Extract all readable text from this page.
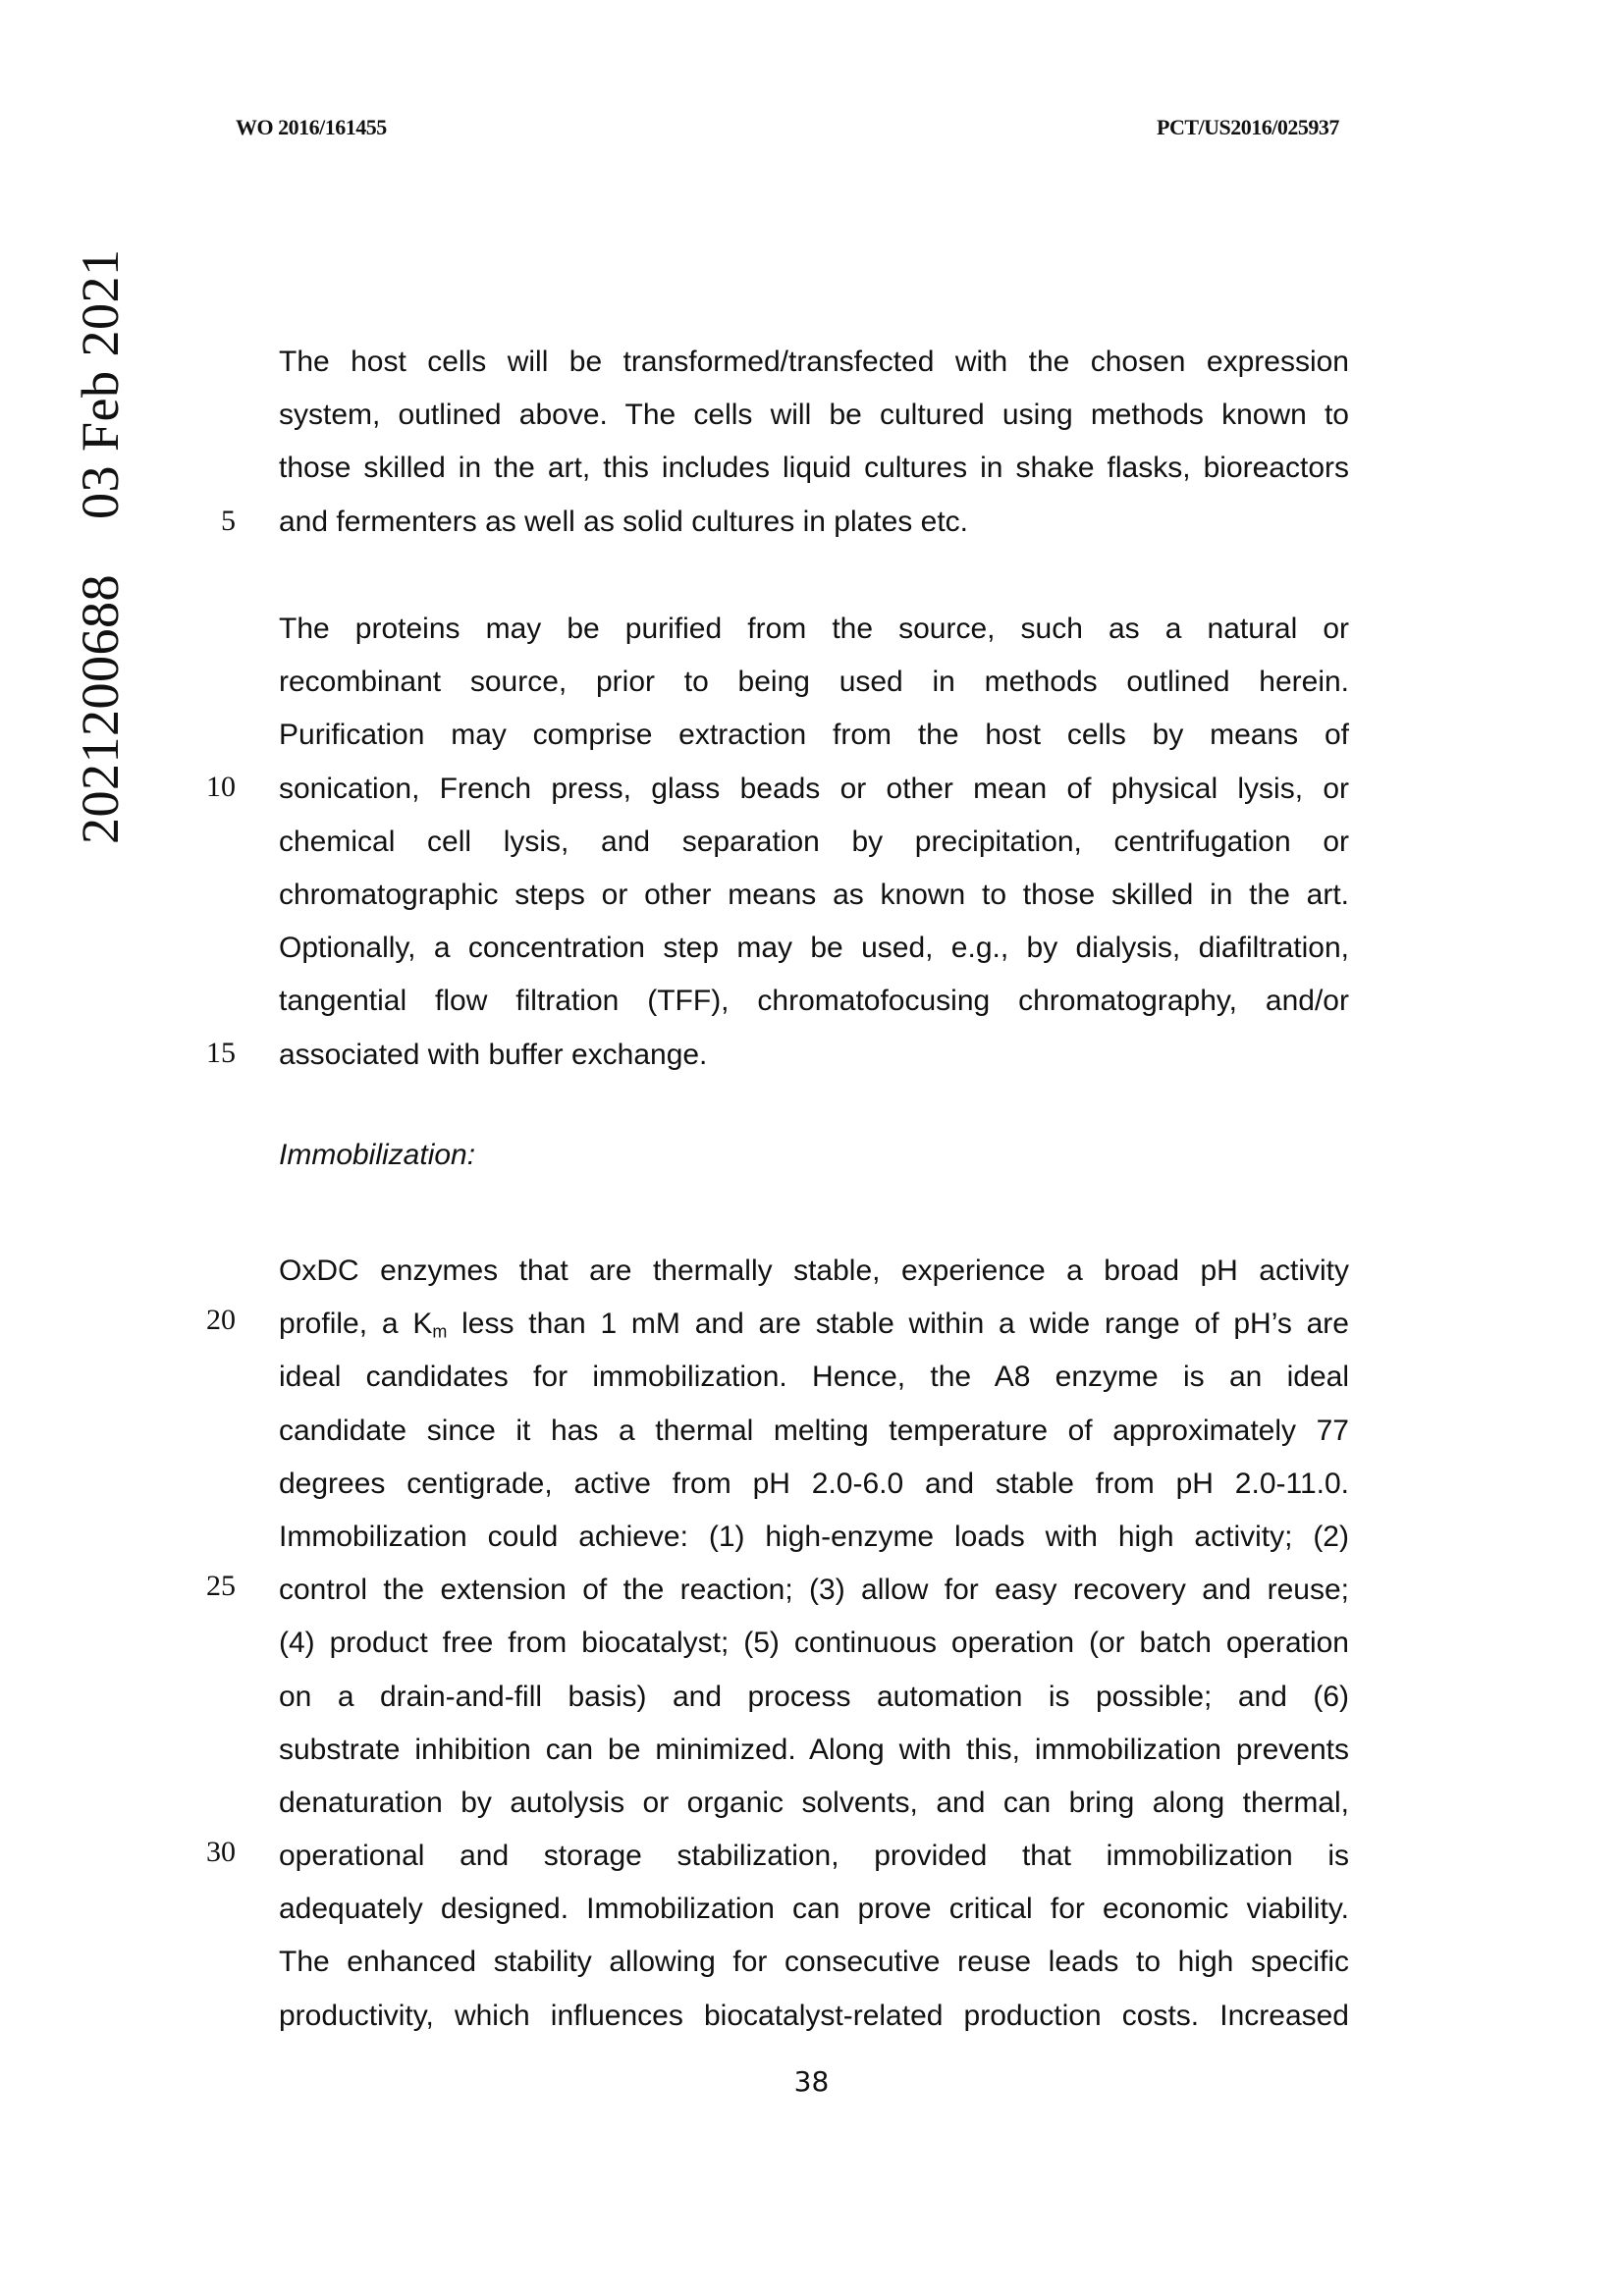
WO 2016/161455	PCT/US2016/025937
2021200688    03 Feb 2021	The host cells will be transformed/transfected with the chosen expression
system, outlined above. The cells will be cultured using methods known to
those skilled in the art, this includes liquid cultures in shake flasks, bioreactors
and fermenters as well as solid cultures in plates etc.
The proteins may be purified from the source, such as a natural or
recombinant source, prior to being used in methods outlined herein.
Purification may comprise extraction from the host cells by means of
sonication, French press, glass beads or other mean of physical lysis, or
chemical cell lysis, and separation by precipitation, centrifugation or
chromatographic steps or other means as known to those skilled in the art.
Optionally, a concentration step may be used, e.g., by dialysis, diafiltration,
tangential flow filtration (TFF), chromatofocusing chromatography, and/or
associated with buffer exchange.
Immobilization:
OxDC enzymes that are thermally stable, experience a broad pH activity
profile, a $K_m$ less than 1 mM and are stable within a wide range of pH’s are
ideal candidates for immobilization. Hence, the A8 enzyme is an ideal
candidate since it has a thermal melting temperature of approximately 77
degrees centigrade, active from pH 2.0-6.0 and stable from pH 2.0-11.0.
Immobilization could achieve: (1) high-enzyme loads with high activity; (2)
control the extension of the reaction; (3) allow for easy recovery and reuse;
(4) product free from biocatalyst; (5) continuous operation (or batch operation
on a drain-and-fill basis) and process automation is possible; and (6)
substrate inhibition can be minimized. Along with this, immobilization prevents
denaturation by autolysis or organic solvents, and can bring along thermal,
operational and storage stabilization, provided that immobilization is
adequately designed. Immobilization can prove critical for economic viability.
The enhanced stability allowing for consecutive reuse leads to high specific
productivity, which influences biocatalyst-related production costs. Increased
5
10
15
20
25
30
38
